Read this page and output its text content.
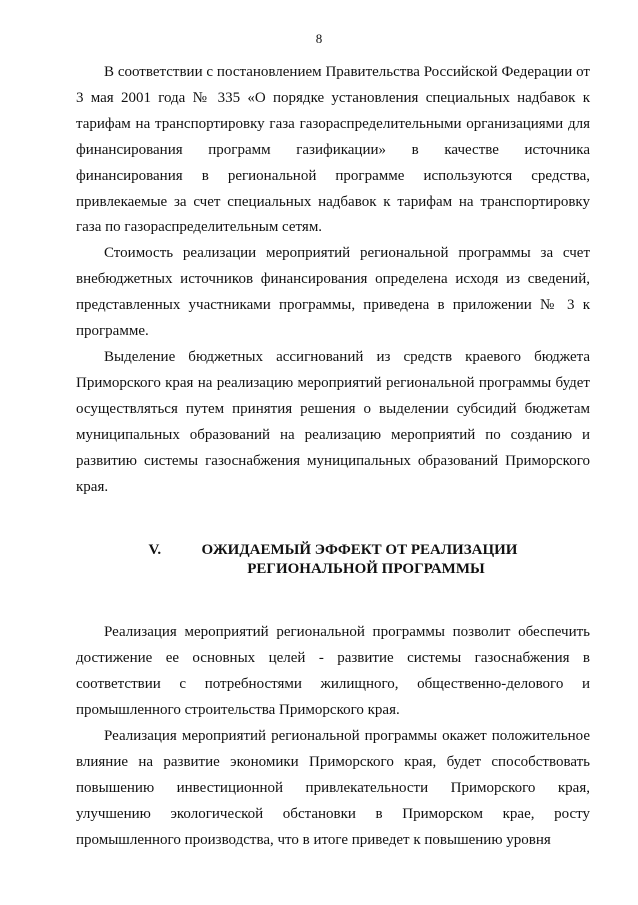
8

В соответствии с постановлением Правительства Российской Федерации от 3 мая 2001 года № 335 «О порядке установления специальных надбавок к тарифам на транспортировку газа газораспределительными организациями для финансирования программ газификации» в качестве источника финансирования в региональной программе используются средства, привлекаемые за счет специальных надбавок к тарифам на транспортировку газа по газораспределительным сетям.

Стоимость реализации мероприятий региональной программы за счет внебюджетных источников финансирования определена исходя из сведений, представленных участниками программы, приведена в приложении № 3 к программе.

Выделение бюджетных ассигнований из средств краевого бюджета Приморского края на реализацию мероприятий региональной программы будет осуществляться путем принятия решения о выделении субсидий бюджетам муниципальных образований на реализацию мероприятий по созданию и развитию системы газоснабжения муниципальных образований Приморского края.

V.	ОЖИДАЕМЫЙ ЭФФЕКТ ОТ РЕАЛИЗАЦИИ
РЕГИОНАЛЬНОЙ ПРОГРАММЫ

Реализация мероприятий региональной программы позволит обеспечить достижение ее основных целей - развитие системы газоснабжения в соответствии с потребностями жилищного, общественно-делового и промышленного строительства Приморского края.

Реализация мероприятий региональной программы окажет положительное влияние на развитие экономики Приморского края, будет способствовать повышению инвестиционной привлекательности Приморского края, улучшению экологической обстановки в Приморском крае, росту промышленного производства, что в итоге приведет к повышению уровня
